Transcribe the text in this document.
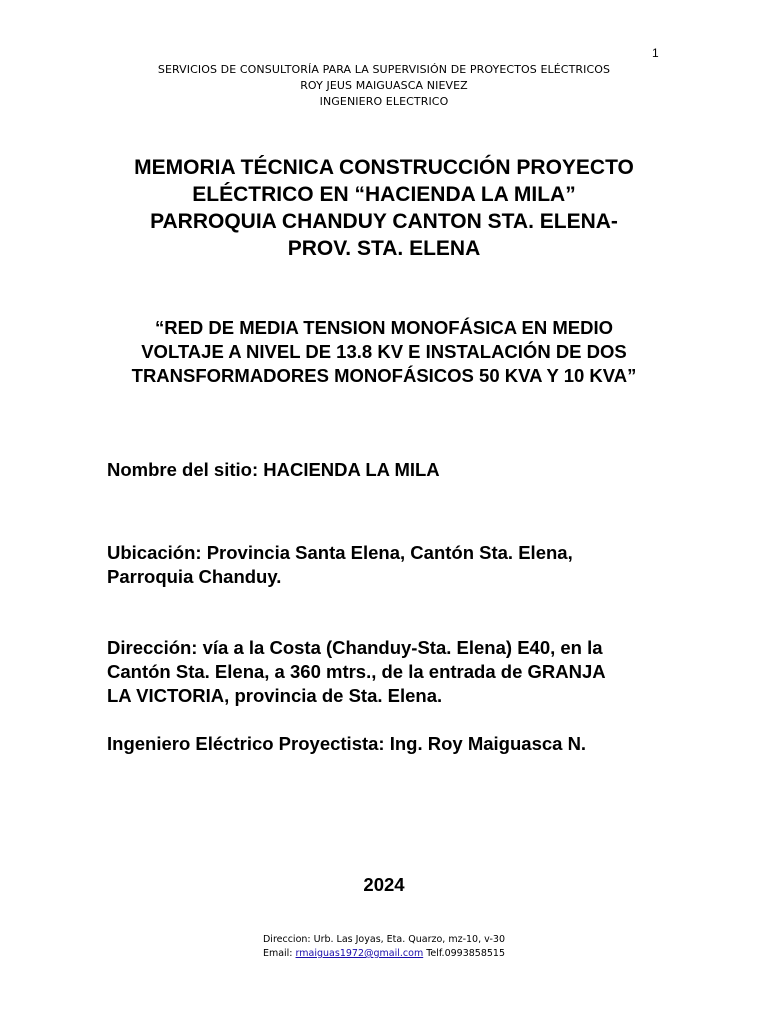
1
SERVICIOS DE CONSULTORÍA PARA LA SUPERVISIÓN DE PROYECTOS ELÉCTRICOS
ROY JEUS MAIGUASCA NIEVEZ
INGENIERO ELECTRICO
MEMORIA TÉCNICA CONSTRUCCIÓN PROYECTO
ELÉCTRICO EN “HACIENDA LA MILA”
PARROQUIA CHANDUY CANTON STA. ELENA-
PROV. STA. ELENA
“RED DE MEDIA TENSION MONOFÁSICA EN MEDIO
VOLTAJE A NIVEL DE 13.8 KV E INSTALACIÓN DE DOS
TRANSFORMADORES MONOFÁSICOS 50 KVA Y 10 KVA”
Nombre del sitio: HACIENDA LA MILA
Ubicación: Provincia Santa Elena, Cantón Sta. Elena,
Parroquia Chanduy.
Dirección: vía a la Costa (Chanduy-Sta. Elena) E40, en la
Cantón Sta. Elena, a 360 mtrs., de la entrada de GRANJA
LA VICTORIA, provincia de Sta. Elena.
Ingeniero Eléctrico Proyectista: Ing. Roy Maiguasca N.
2024
Direccion: Urb. Las Joyas, Eta. Quarzo, mz-10, v-30
Email: rmaiguas1972@gmail.com Telf.0993858515
